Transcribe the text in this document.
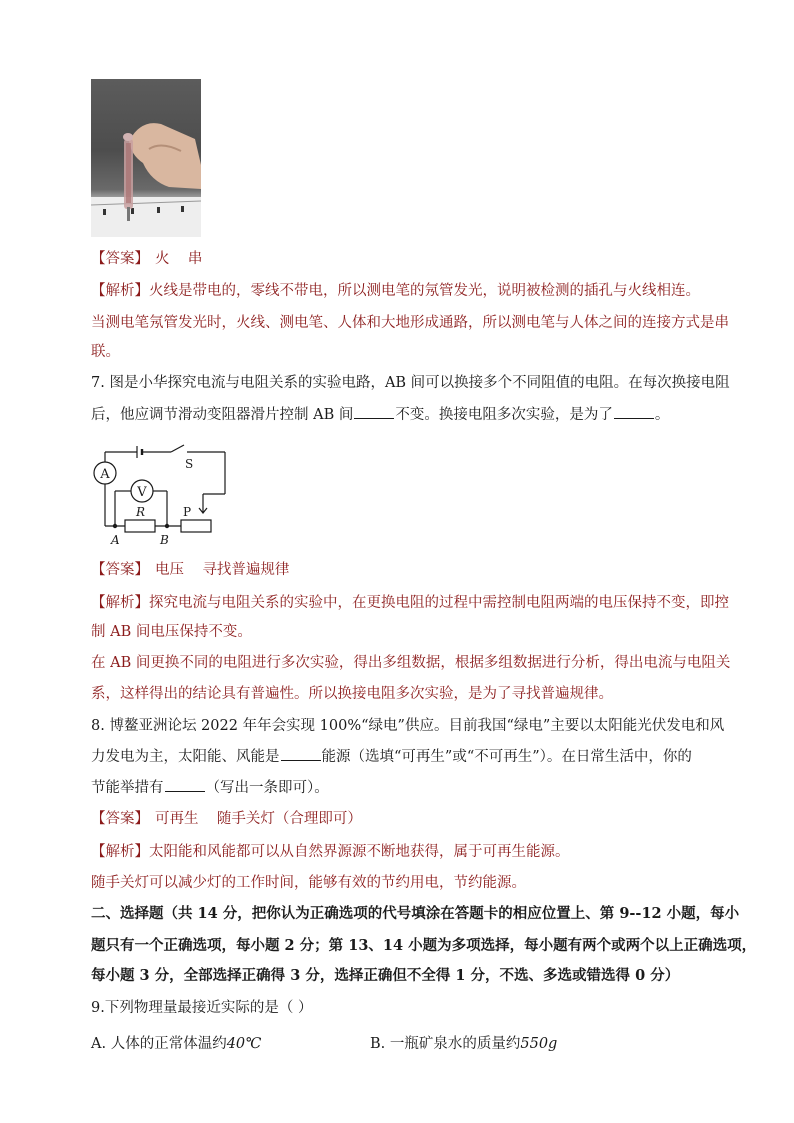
【答案】 火    串
【解析】火线是带电的，零线不带电，所以测电笔的氖管发光，说明被检测的插孔与火线相连。
当测电笔氖管发光时，火线、测电笔、人体和大地形成通路，所以测电笔与人体之间的连接方式是串
联。
7. 图是小华探究电流与电阻关系的实验电路，AB 间可以换接多个不同阻值的电阻。在每次换接电阻
后，他应调节滑动变阻器滑片控制 AB 间	不变。换接电阻多次实验，是为了	。
A
V
S
R	P
A	B
【答案】 电压    寻找普遍规律
【解析】探究电流与电阻关系的实验中，在更换电阻的过程中需控制电阻两端的电压保持不变，即控
制 AB 间电压保持不变。
在 AB 间更换不同的电阻进行多次实验，得出多组数据，根据多组数据进行分析，得出电流与电阻关
系，这样得出的结论具有普遍性。所以换接电阻多次实验，是为了寻找普遍规律。
8. 博鳌亚洲论坛 2022 年年会实现 100%“绿电”供应。目前我国“绿电”主要以太阳能光伏发电和风
力发电为主，太阳能、风能是	能源（选填“可再生”或“不可再生”）。在日常生活中，你的
节能举措有	（写出一条即可）。
【答案】 可再生    随手关灯（合理即可）
【解析】太阳能和风能都可以从自然界源源不断地获得，属于可再生能源。
随手关灯可以减少灯的工作时间，能够有效的节约用电，节约能源。
二、选择题（共 14 分，把你认为正确选项的代号填涂在答题卡的相应位置上、第 9--12 小题，每小
题只有一个正确选项，每小题 2 分；第 13、14 小题为多项选择，每小题有两个或两个以上正确选项，
每小题 3 分，全部选择正确得 3 分，选择正确但不全得 1 分，不选、多选或错选得 0 分）
9.下列物理量最接近实际的是（ ）
A. 人体的正常体温约40℃	B. 一瓶矿泉水的质量约550g
